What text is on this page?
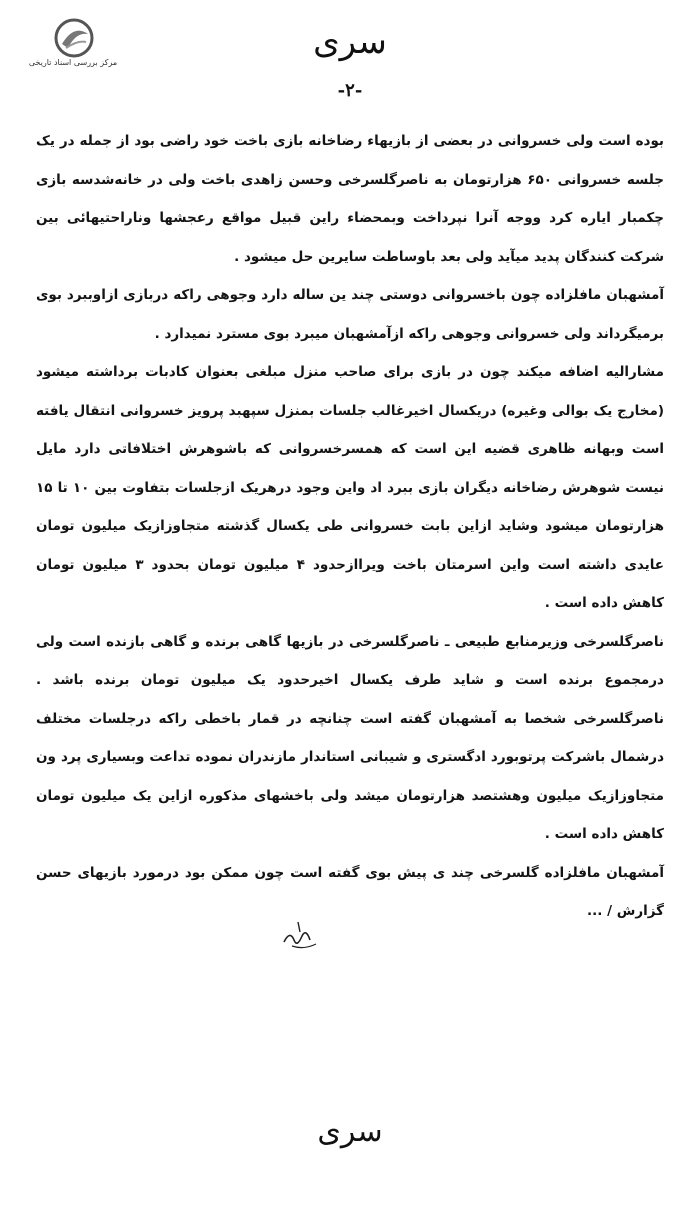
مرکز بررسی اسناد تاریخی
سری
-۲-

بوده است ولی خسروانی در بعضی از بازیهاء رضاخانه بازی باخت خود راضی بود از جمله در یک جلسه خسروانی ۶۵۰ هزارتومان به ناصرگلسرخی وحسن زاهدی باخت ولی در خانه‌شدسه بازی چکمبار ایاره کرد ووجه آنرا نپرداخت وبمحضاء راین قبیل مواقع رعجشها وناراحتیهائی بین شرکت کنندگان پدید میآید ولی بعد باوساطت سایرین حل میشود .

آمشهبان مافلزاده چون باخسروانی دوستی چند ین ساله دارد وجوهی راکه دربازی ازاوببرد بوی برمیگرداند ولی خسروانی وجوهی راکه ازآمشهبان میبرد بوی مسترد نمیدارد .

مشارالیه اضافه میکند چون در بازی برای صاحب منزل مبلغی بعنوان کادبات برداشته میشود (مخارج یک بوالی وغیره) دریکسال اخیرغالب جلسات بمنزل سپهبد پرویز خسروانی انتقال یافته است وبهانه ظاهری قضیه این است که همسرخسروانی که باشوهرش اختلافاتی دارد مایل نیست شوهرش رضاخانه دیگران بازی ببرد اد واین وجود درهریک ازجلسات بتفاوت بین ۱۰ تا ۱۵ هزارتومان میشود وشاید ازاین بابت خسروانی طی یکسال گذشته متجاوزازیک میلیون تومان عایدی داشته است واین اسرمتان باخت ویراازحدود ۴ میلیون تومان بحدود ۳ میلیون تومان کاهش داده است .

ناصرگلسرخی وزیرمنابع طبیعی ـ ناصرگلسرخی در بازیها گاهی برنده و گاهی بازنده است ولی درمجموع برنده است و شاید طرف یکسال اخیرحدود یک میلیون تومان برنده باشد . ناصرگلسرخی شخصا به آمشهبان گفته است چنانچه در قمار باخطی راکه درجلسات مختلف درشمال باشرکت پرتوبورد ادگستری و شیبانی استاندار مازندران نموده تداعت وبسیاری پرد ون متجاوزازیک میلیون وهشتصد هزارتومان میشد ولی باخشهای مذکوره ازاین یک میلیون تومان کاهش داده است .

آمشهبان مافلزاده گلسرخی چند ی پیش بوی گفته است چون ممکن بود درمورد بازیهای حسن گزارش / ...

سری
